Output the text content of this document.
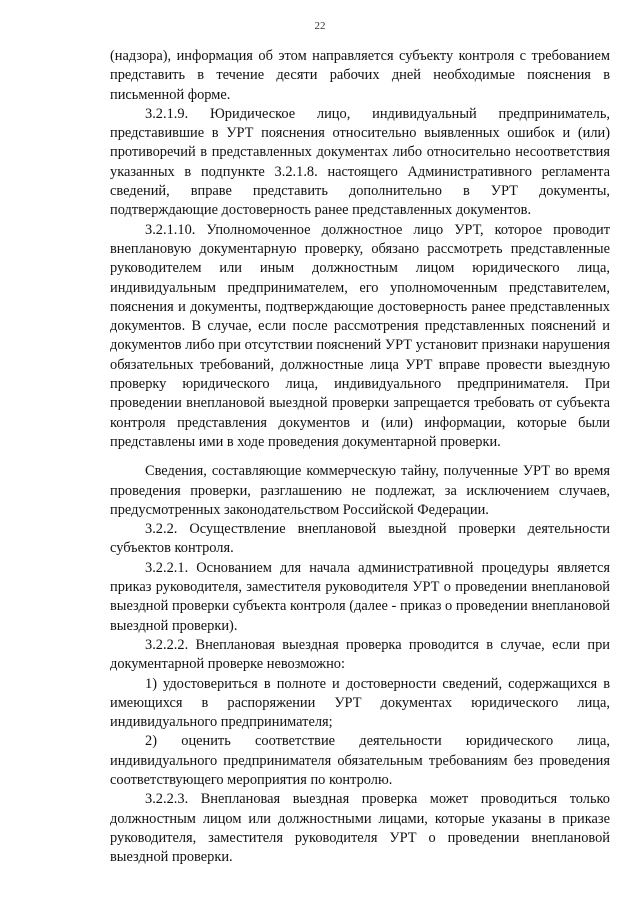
22

(надзора), информация об этом направляется субъекту контроля с требованием представить в течение десяти рабочих дней необходимые пояснения в письменной форме.

3.2.1.9. Юридическое лицо, индивидуальный предприниматель, представившие в УРТ пояснения относительно выявленных ошибок и (или) противоречий в представленных документах либо относительно несоответствия указанных в подпункте 3.2.1.8. настоящего Административного регламента сведений, вправе представить дополнительно в УРТ документы, подтверждающие достоверность ранее представленных документов.

3.2.1.10. Уполномоченное должностное лицо УРТ, которое проводит внеплановую документарную проверку, обязано рассмотреть представленные руководителем или иным должностным лицом юридического лица, индивидуальным предпринимателем, его уполномоченным представителем, пояснения и документы, подтверждающие достоверность ранее представленных документов. В случае, если после рассмотрения представленных пояснений и документов либо при отсутствии пояснений УРТ установит признаки нарушения обязательных требований, должностные лица УРТ вправе провести выездную проверку юридического лица, индивидуального предпринимателя. При проведении внеплановой выездной проверки запрещается требовать от субъекта контроля представления документов и (или) информации, которые были представлены ими в ходе проведения документарной проверки.

Сведения, составляющие коммерческую тайну, полученные УРТ во время проведения проверки, разглашению не подлежат, за исключением случаев, предусмотренных законодательством Российской Федерации.

3.2.2. Осуществление внеплановой выездной проверки деятельности субъектов контроля.

3.2.2.1. Основанием для начала административной процедуры является приказ руководителя, заместителя руководителя УРТ о проведении внеплановой выездной проверки субъекта контроля (далее - приказ о проведении внеплановой выездной проверки).

3.2.2.2. Внеплановая выездная проверка проводится в случае, если при документарной проверке невозможно:

1) удостовериться в полноте и достоверности сведений, содержащихся в имеющихся в распоряжении УРТ документах юридического лица, индивидуального предпринимателя;

2) оценить соответствие деятельности юридического лица, индивидуального предпринимателя обязательным требованиям без проведения соответствующего мероприятия по контролю.

3.2.2.3. Внеплановая выездная проверка может проводиться только должностным лицом или должностными лицами, которые указаны в приказе руководителя, заместителя руководителя УРТ о проведении внеплановой выездной проверки.
